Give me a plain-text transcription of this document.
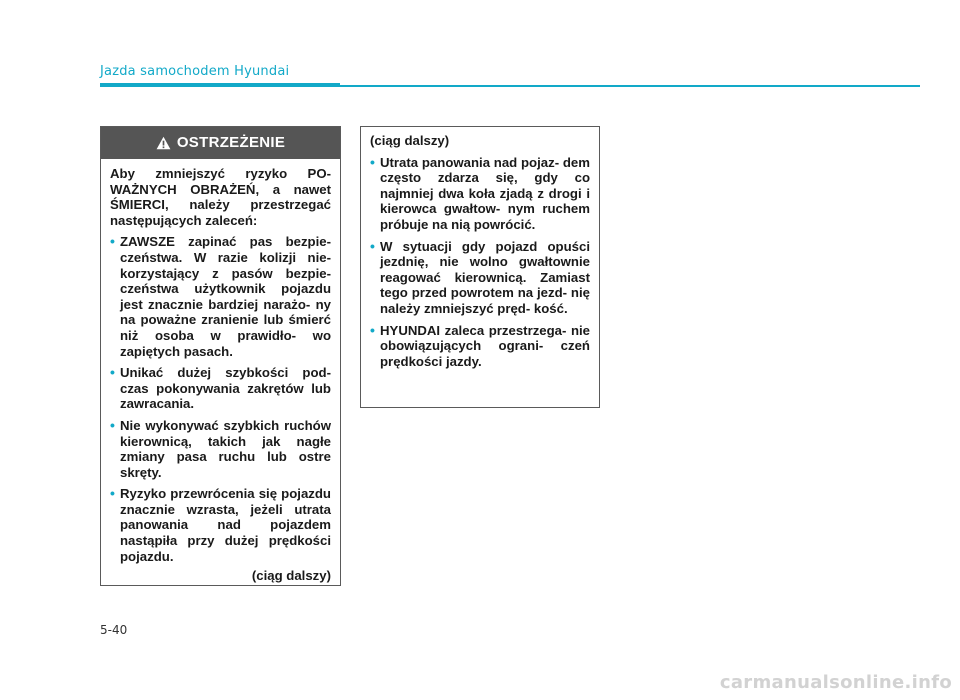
Jazda samochodem Hyundai
OSTRZEŻENIE

Aby zmniejszyć ryzyko PO- WAŻNYCH OBRAŻEŃ, a nawet ŚMIERCI, należy przestrzegać następujących zaleceń:

• ZAWSZE zapinać pas bezpie- czeństwa. W razie kolizji nie- korzystający z pasów bezpie- czeństwa użytkownik pojazdu jest znacznie bardziej narażo- ny na poważne zranienie lub śmierć niż osoba w prawidło- wo zapiętych pasach.
• Unikać dużej szybkości pod- czas pokonywania zakrętów lub zawracania.
• Nie wykonywać szybkich ruchów kierownicą, takich jak nagłe zmiany pasa ruchu lub ostre skręty.
• Ryzyko przewrócenia się pojazdu znacznie wzrasta, jeżeli utrata panowania nad pojazdem nastąpiła przy dużej prędkości pojazdu.

(ciąg dalszy)

(ciąg dalszy)

• Utrata panowania nad pojaz- dem często zdarza się, gdy co najmniej dwa koła zjadą z drogi i kierowca gwałtow- nym ruchem próbuje na nią powrócić.
• W sytuacji gdy pojazd opuści jezdnię, nie wolno gwałtownie reagować kierownicą. Zamiast tego przed powrotem na jezd- nię należy zmniejszyć pręd- kość.
• HYUNDAI zaleca przestrzega- nie obowiązujących ograni- czeń prędkości jazdy.
5-40
carmanualsonline.info
